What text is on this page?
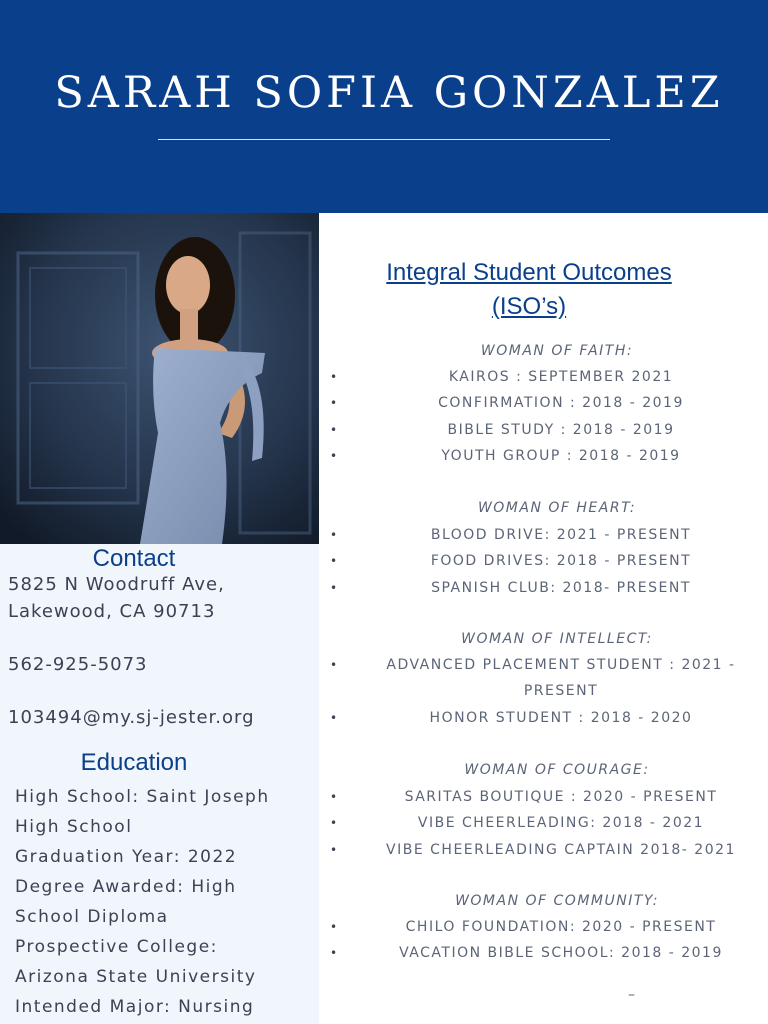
SARAH SOFIA GONZALEZ
Contact
5825 N Woodruff Ave,
Lakewood, CA 90713
562-925-5073
103494@my.sj-jester.org
Education
High School: Saint Joseph
High School
Graduation Year: 2022
Degree Awarded: High
School Diploma
Prospective College:
Arizona State University
Intended Major: Nursing
Integral Student Outcomes
(ISO’s)
WOMAN OF FAITH:
•	KAIROS : SEPTEMBER 2021
•	CONFIRMATION : 2018 - 2019
•	BIBLE STUDY : 2018 - 2019
•	YOUTH GROUP : 2018 - 2019
WOMAN OF HEART:
•	BLOOD DRIVE: 2021 - PRESENT
•	FOOD DRIVES: 2018 - PRESENT
•	SPANISH CLUB: 2018- PRESENT
WOMAN OF INTELLECT:
•	ADVANCED PLACEMENT STUDENT : 2021 - PRESENT
•	HONOR STUDENT : 2018 - 2020
WOMAN OF COURAGE:
•	SARITAS BOUTIQUE : 2020 - PRESENT
•	VIBE CHEERLEADING: 2018 - 2021
•	VIBE CHEERLEADING CAPTAIN 2018- 2021
WOMAN OF COMMUNITY:
•	CHILO FOUNDATION: 2020 - PRESENT
•	VACATION BIBLE SCHOOL: 2018 - 2019
–
